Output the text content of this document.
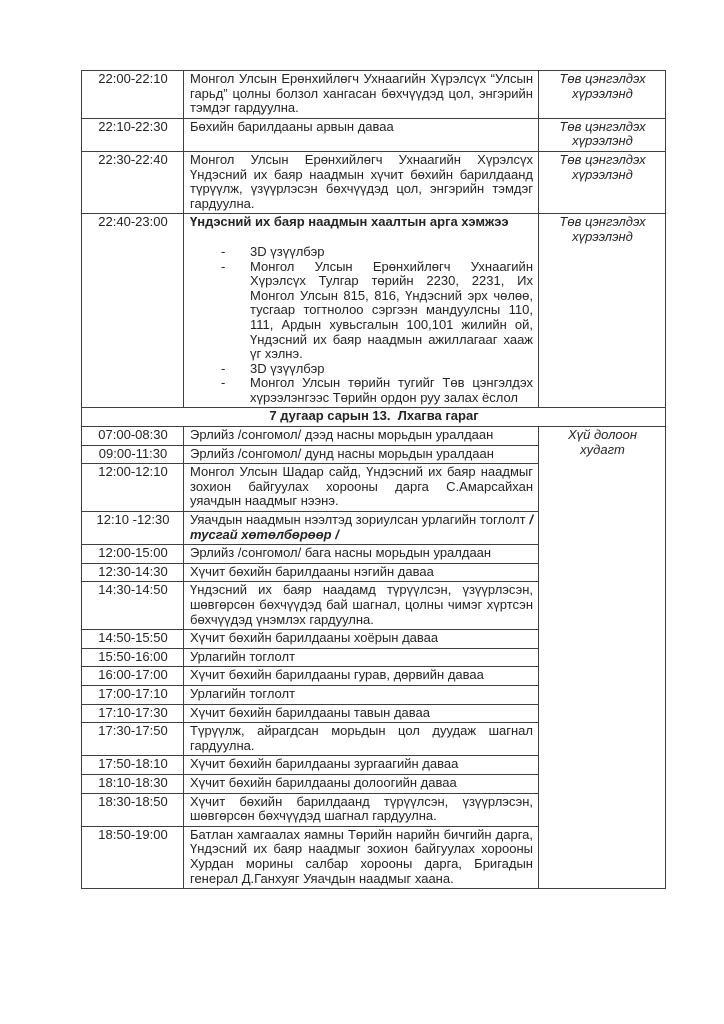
22:00-22:10	Монгол Улсын Ерөнхийлөгч Ухнаагийн Хүрэлсүх “Улсын гарьд” цолны болзол хангасан бөхчүүдэд цол, энгэрийн тэмдэг гардуулна.	Төв цэнгэлдэх хүрээлэнд
22:10-22:30	Бөхийн барилдааны арвын даваа	Төв цэнгэлдэх хүрээлэнд
22:30-22:40	Монгол Улсын Ерөнхийлөгч Ухнаагийн Хүрэлсүх Үндэсний их баяр наадмын хүчит бөхийн барилдаанд түрүүлж, үзүүрлэсэн бөхчүүдэд цол, энгэрийн тэмдэг гардуулна.	Төв цэнгэлдэх хүрээлэнд
22:40-23:00	Үндэсний их баяр наадмын хаалтын арга хэмжээ
- 3D үзүүлбэр
- Монгол Улсын Ерөнхийлөгч Ухнаагийн Хүрэлсүх Тулгар төрийн 2230, 2231, Их Монгол Улсын 815, 816, Үндэсний эрх чөлөө, тусгаар тогтнолоо сэргээн мандуулсны 110, 111, Ардын хувьсгалын 100,101 жилийн ой, Үндэсний их баяр наадмын ажиллагааг хааж үг хэлнэ.
- 3D үзүүлбэр
- Монгол Улсын төрийн тугийг Төв цэнгэлдэх хүрээлэнгээс Төрийн ордон руу залах ёслол
	Төв цэнгэлдэх хүрээлэнд
7 дугаар сарын 13.  Лхагва гараг		
07:00-08:30	Эрлийз /сонгомол/ дээд насны морьдын уралдаан	Хүй долоон худагт
09:00-11:30	Эрлийз /сонгомол/ дунд насны морьдын уралдаан	
12:00-12:10	Монгол Улсын Шадар сайд, Үндэсний их баяр наадмыг зохион байгуулах хорооны дарга С.Амарсайхан уяачдын наадмыг нээнэ.	
12:10 -12:30	Уяачдын наадмын нээлтэд зориулсан урлагийн тоглолт / тусгай хөтөлбөрөөр /	
12:00-15:00	Эрлийз /сонгомол/ бага насны морьдын уралдаан	
12:30-14:30	Хүчит бөхийн барилдааны нэгийн даваа	
14:30-14:50	Үндэсний их баяр наадамд түрүүлсэн, үзүүрлэсэн, шөвгөрсөн бөхчүүдэд бай шагнал, цолны чимэг хүртсэн бөхчүүдэд үнэмлэх гардуулна.	
14:50-15:50	Хүчит бөхийн барилдааны хоёрын даваа	
15:50-16:00	Урлагийн тоглолт	
16:00-17:00	Хүчит бөхийн барилдааны гурав, дөрвийн даваа	
17:00-17:10	Урлагийн тоглолт	
17:10-17:30	Хүчит бөхийн барилдааны тавын даваа	
17:30-17:50	Түрүүлж, айрагдсан морьдын цол дуудаж шагнал гардуулна.	
17:50-18:10	Хүчит бөхийн барилдааны зургаагийн даваа	
18:10-18:30	Хүчит бөхийн барилдааны долоогийн даваа	
18:30-18:50	Хүчит бөхийн барилдаанд түрүүлсэн, үзүүрлэсэн, шөвгөрсөн бөхчүүдэд шагнал гардуулна.	
18:50-19:00	Батлан хамгаалах яамны Төрийн нарийн бичгийн дарга, Үндэсний их баяр наадмыг зохион байгуулах хорооны Хурдан морины салбар хорооны дарга, Бригадын генерал Д.Ганхуяг Уяачдын наадмыг хаана.	
